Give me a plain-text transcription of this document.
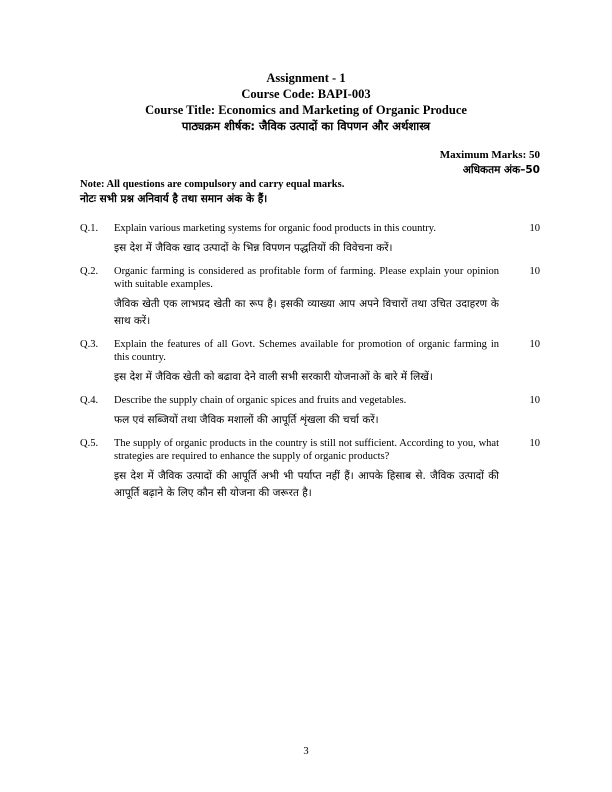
Assignment - 1
Course Code: BAPI-003
Course Title: Economics and Marketing of Organic Produce
पाठ्यक्रम शीर्षक: जैविक उत्पादों का विपणन और अर्थशास्त्र
Maximum Marks: 50
अधिकतम अंक–50
Note: All questions are compulsory and carry equal marks.
नोटः सभी प्रश्न अनिवार्य है तथा समान अंक के हैं।
Q.1. Explain various marketing systems for organic food products in this country.
इस देश में जैविक खाद उत्पादों के भिन्न विपणन पद्धतियों की विवेचना करें।
10
Q.2. Organic farming is considered as profitable form of farming. Please explain your opinion with suitable examples.
जैविक खेती एक लाभप्रद खेती का रूप है। इसकी व्याख्या आप अपने विचारों तथा उचित उदाहरण के साथ करें।
10
Q.3. Explain the features of all Govt. Schemes available for promotion of organic farming in this country.
इस देश में जैविक खेती को बढावा देने वाली सभी सरकारी योजनाओं के बारे में लिखें।
10
Q.4. Describe the supply chain of organic spices and fruits and vegetables.
फल एवं सब्जियों तथा जैविक मशालों की आपूर्ति शृंखला की चर्चा करें।
10
Q.5. The supply of organic products in the country is still not sufficient. According to you, what strategies are required to enhance the supply of organic products?
इस देश में जैविक उत्पादों की आपूर्ति अभी भी पर्याप्त नहीं हैं। आपके हिसाब से. जैविक उत्पादों की आपूर्ति बढ़ाने के लिए कौन सी योजना की जरूरत है।
10
3
